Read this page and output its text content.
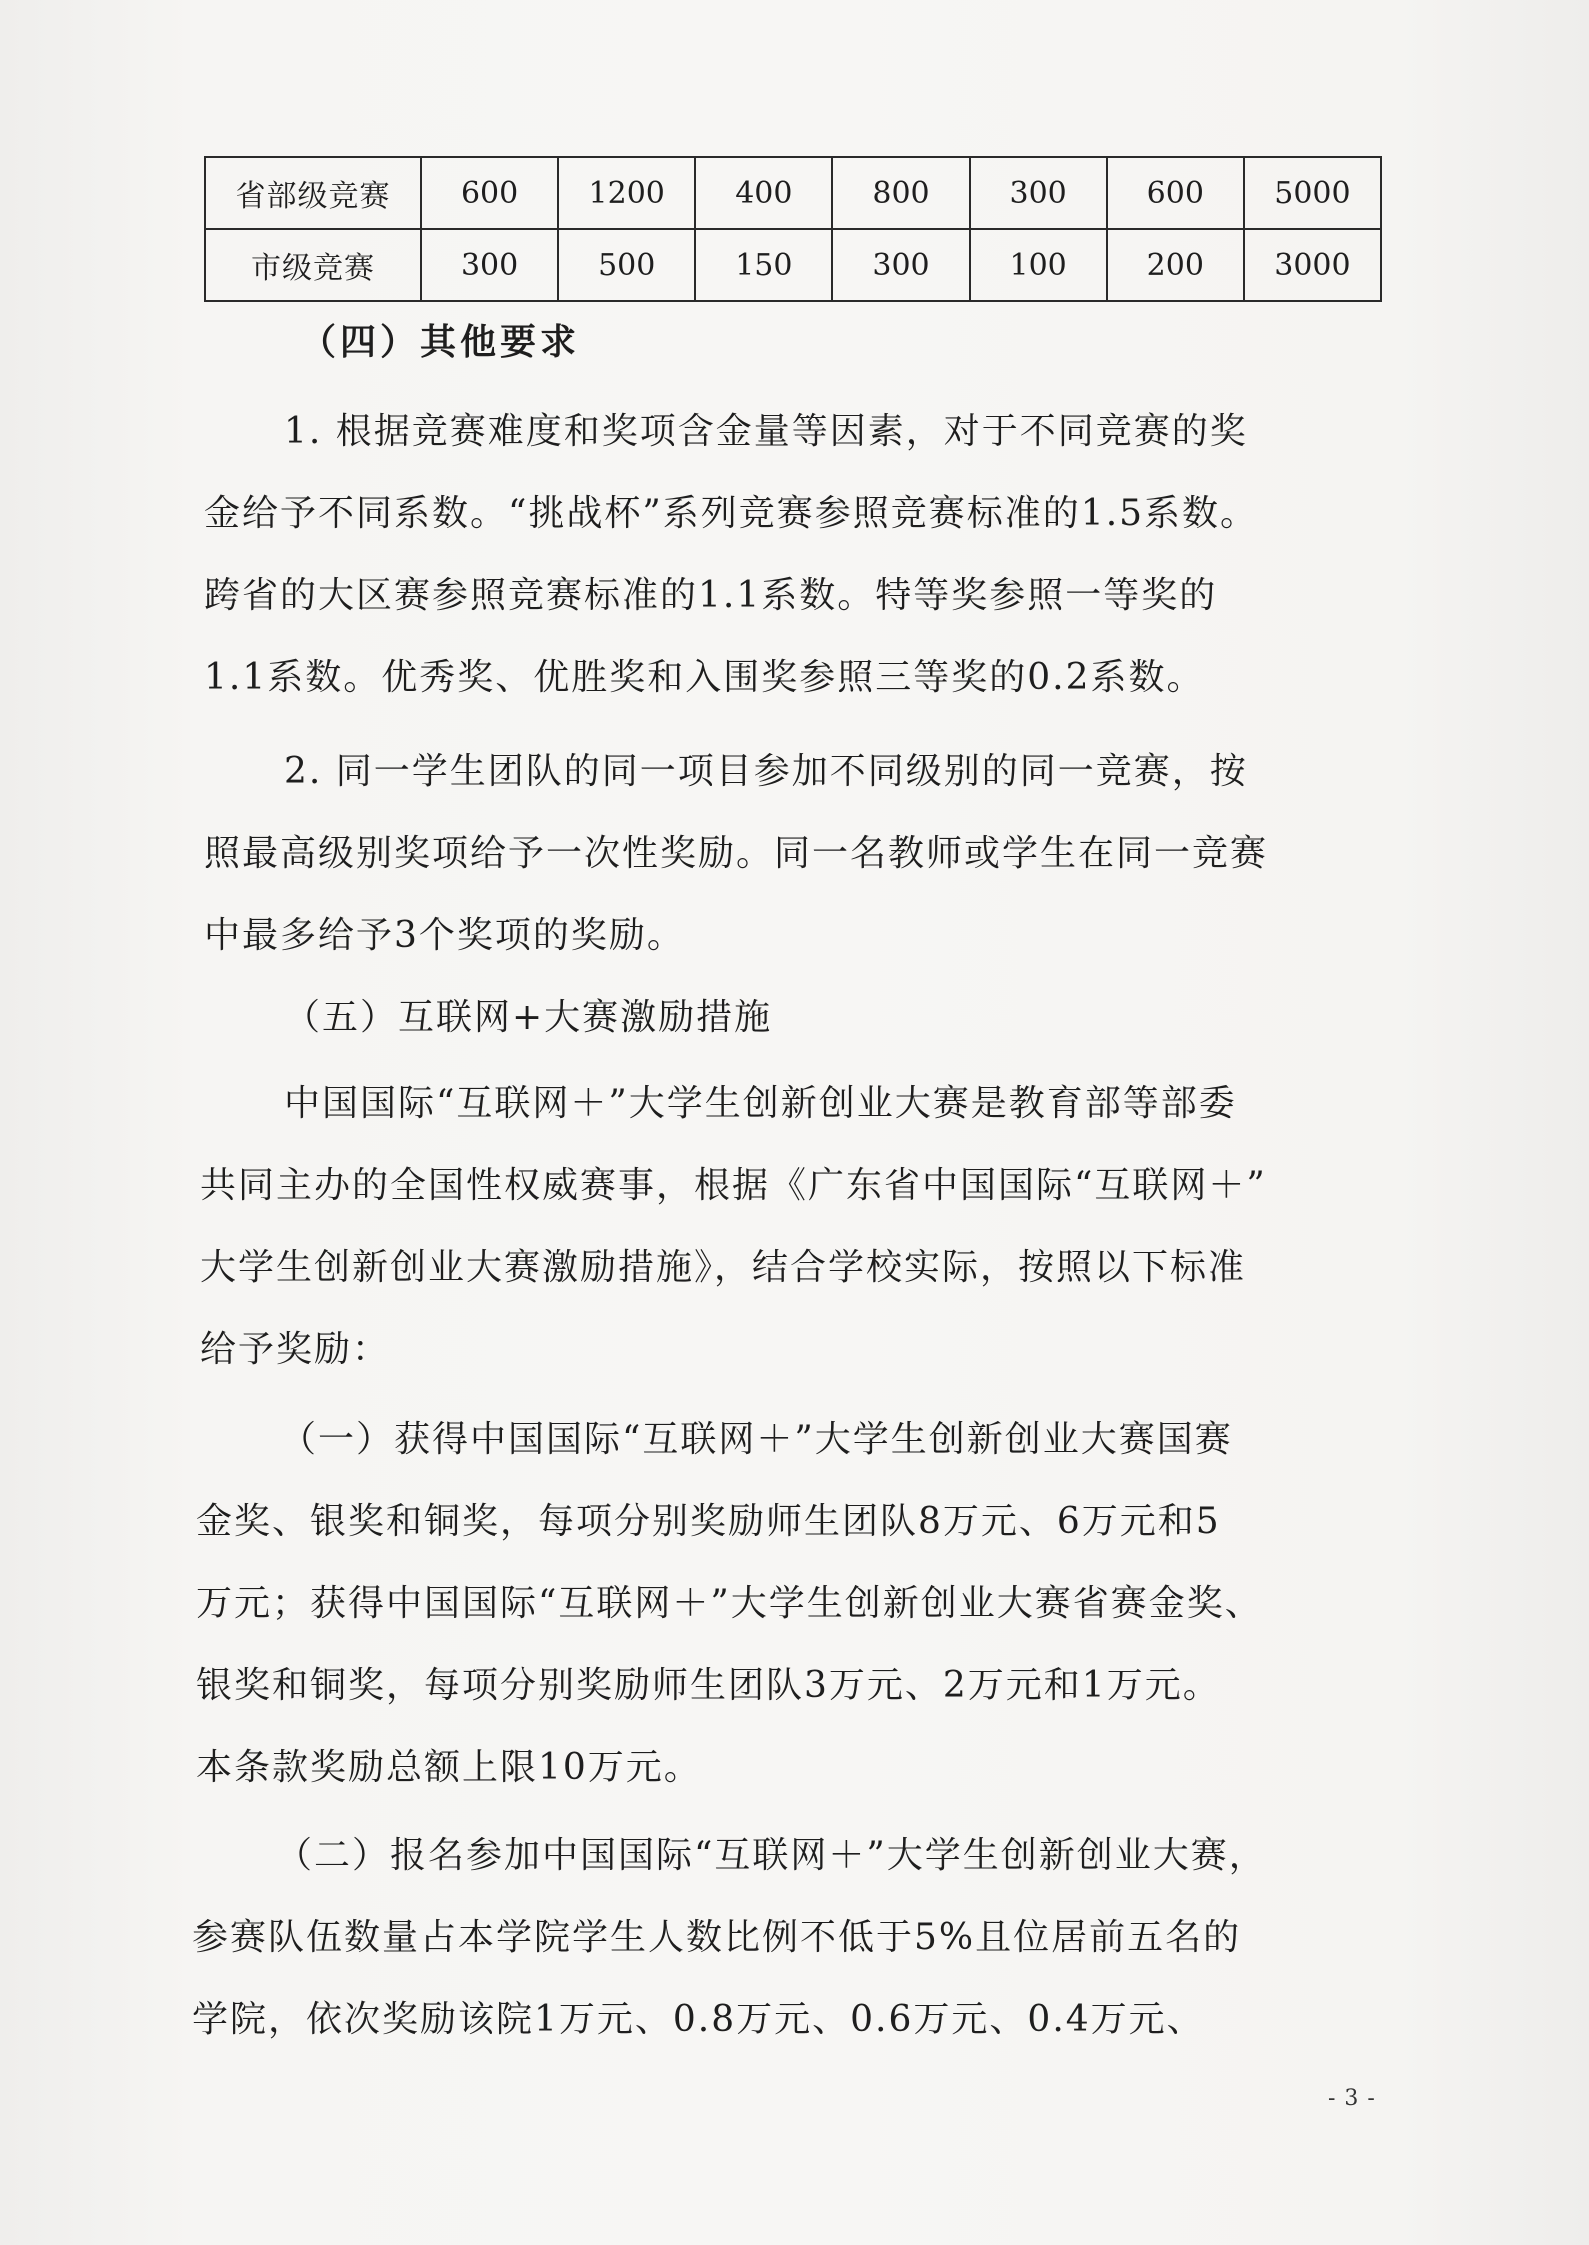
省部级竞赛	600	1200	400	800	300	600	5000
市级竞赛	300	500	150	300	100	200	3000
（四）其他要求
1. 根据竞赛难度和奖项含金量等因素，对于不同竞赛的奖
金给予不同系数。“挑战杯”系列竞赛参照竞赛标准的1.5系数。
跨省的大区赛参照竞赛标准的1.1系数。特等奖参照一等奖的
1.1系数。优秀奖、优胜奖和入围奖参照三等奖的0.2系数。
2. 同一学生团队的同一项目参加不同级别的同一竞赛，按
照最高级别奖项给予一次性奖励。同一名教师或学生在同一竞赛
中最多给予3个奖项的奖励。
（五）互联网+大赛激励措施
中国国际“互联网＋”大学生创新创业大赛是教育部等部委
共同主办的全国性权威赛事，根据《广东省中国国际“互联网＋”
大学生创新创业大赛激励措施》，结合学校实际，按照以下标准
给予奖励：
（一）获得中国国际“互联网＋”大学生创新创业大赛国赛
金奖、银奖和铜奖，每项分别奖励师生团队8万元、6万元和5
万元；获得中国国际“互联网＋”大学生创新创业大赛省赛金奖、
银奖和铜奖，每项分别奖励师生团队3万元、2万元和1万元。
本条款奖励总额上限10万元。
（二）报名参加中国国际“互联网＋”大学生创新创业大赛，
参赛队伍数量占本学院学生人数比例不低于5%且位居前五名的
学院，依次奖励该院1万元、0.8万元、0.6万元、0.4万元、
- 3 -
